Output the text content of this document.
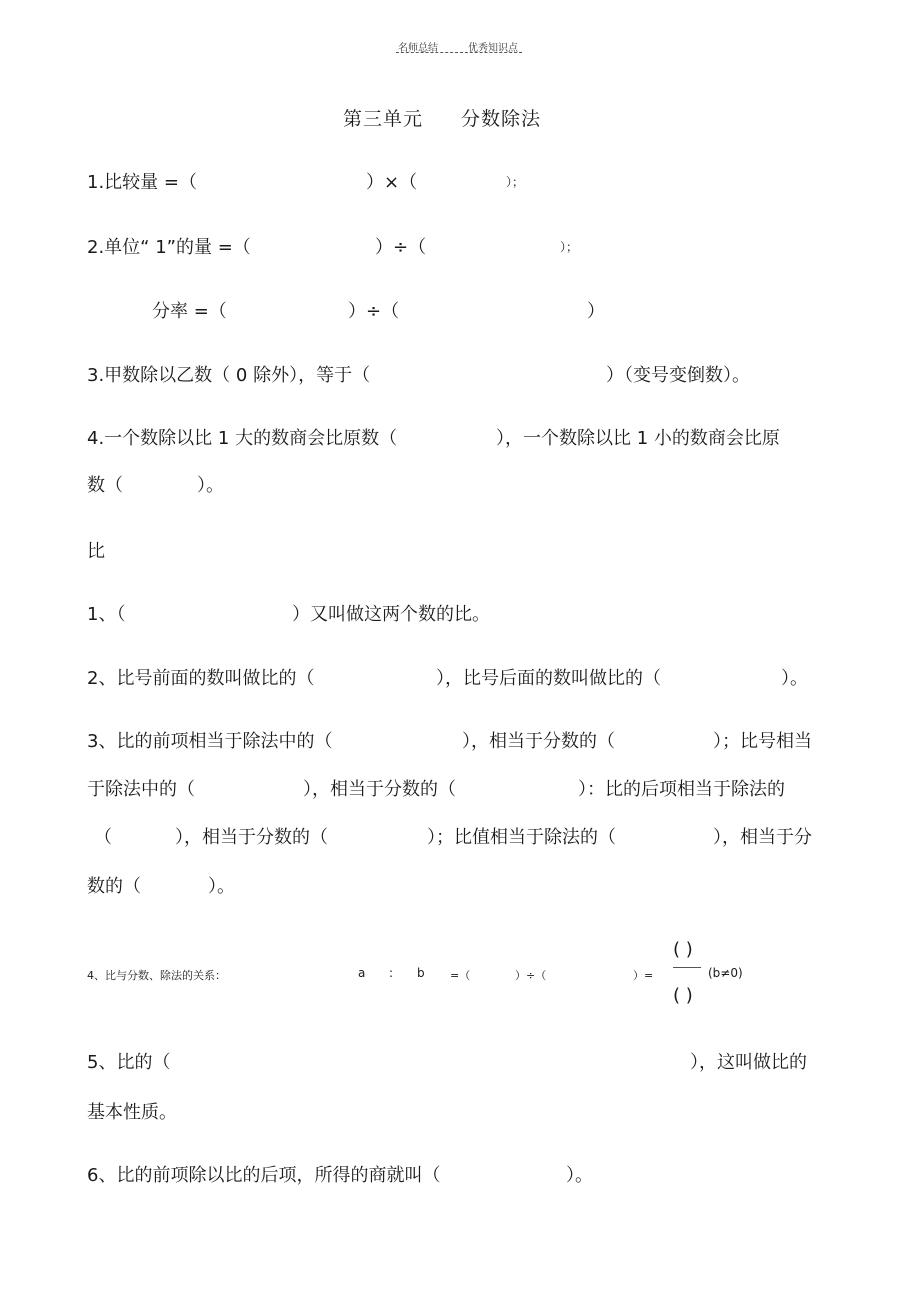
名师总结	优秀知识点
第三单元 分数除法
1.比较量 =（	）×（	）；
2.单位“ 1”的量 =（	）÷（	）；
分率 =（	）÷（	）
3.甲数除以乙数（ 0 除外），等于（	）（变号变倒数）。
4.一个数除以比 1 大的数商会比原数（	），一个数除以比 1 小的数商会比原
数（	）。
比
1、（	）又叫做这两个数的比。
2、比号前面的数叫做比的（	），比号后面的数叫做比的（	）。
3、比的前项相当于除法中的（	），相当于分数的（	）；比号相当
于除法中的（	），相当于分数的（	）：比的后项相当于除法的
（	），相当于分数的（	）；比值相当于除法的（	），相当于分
数的（	）。
4、比与分数、除法的关系：	a : b =（	）÷（	）=
( )
( )
(b≠0)
5、比的（	），这叫做比的
基本性质。
6、比的前项除以比的后项，所得的商就叫（	）。
